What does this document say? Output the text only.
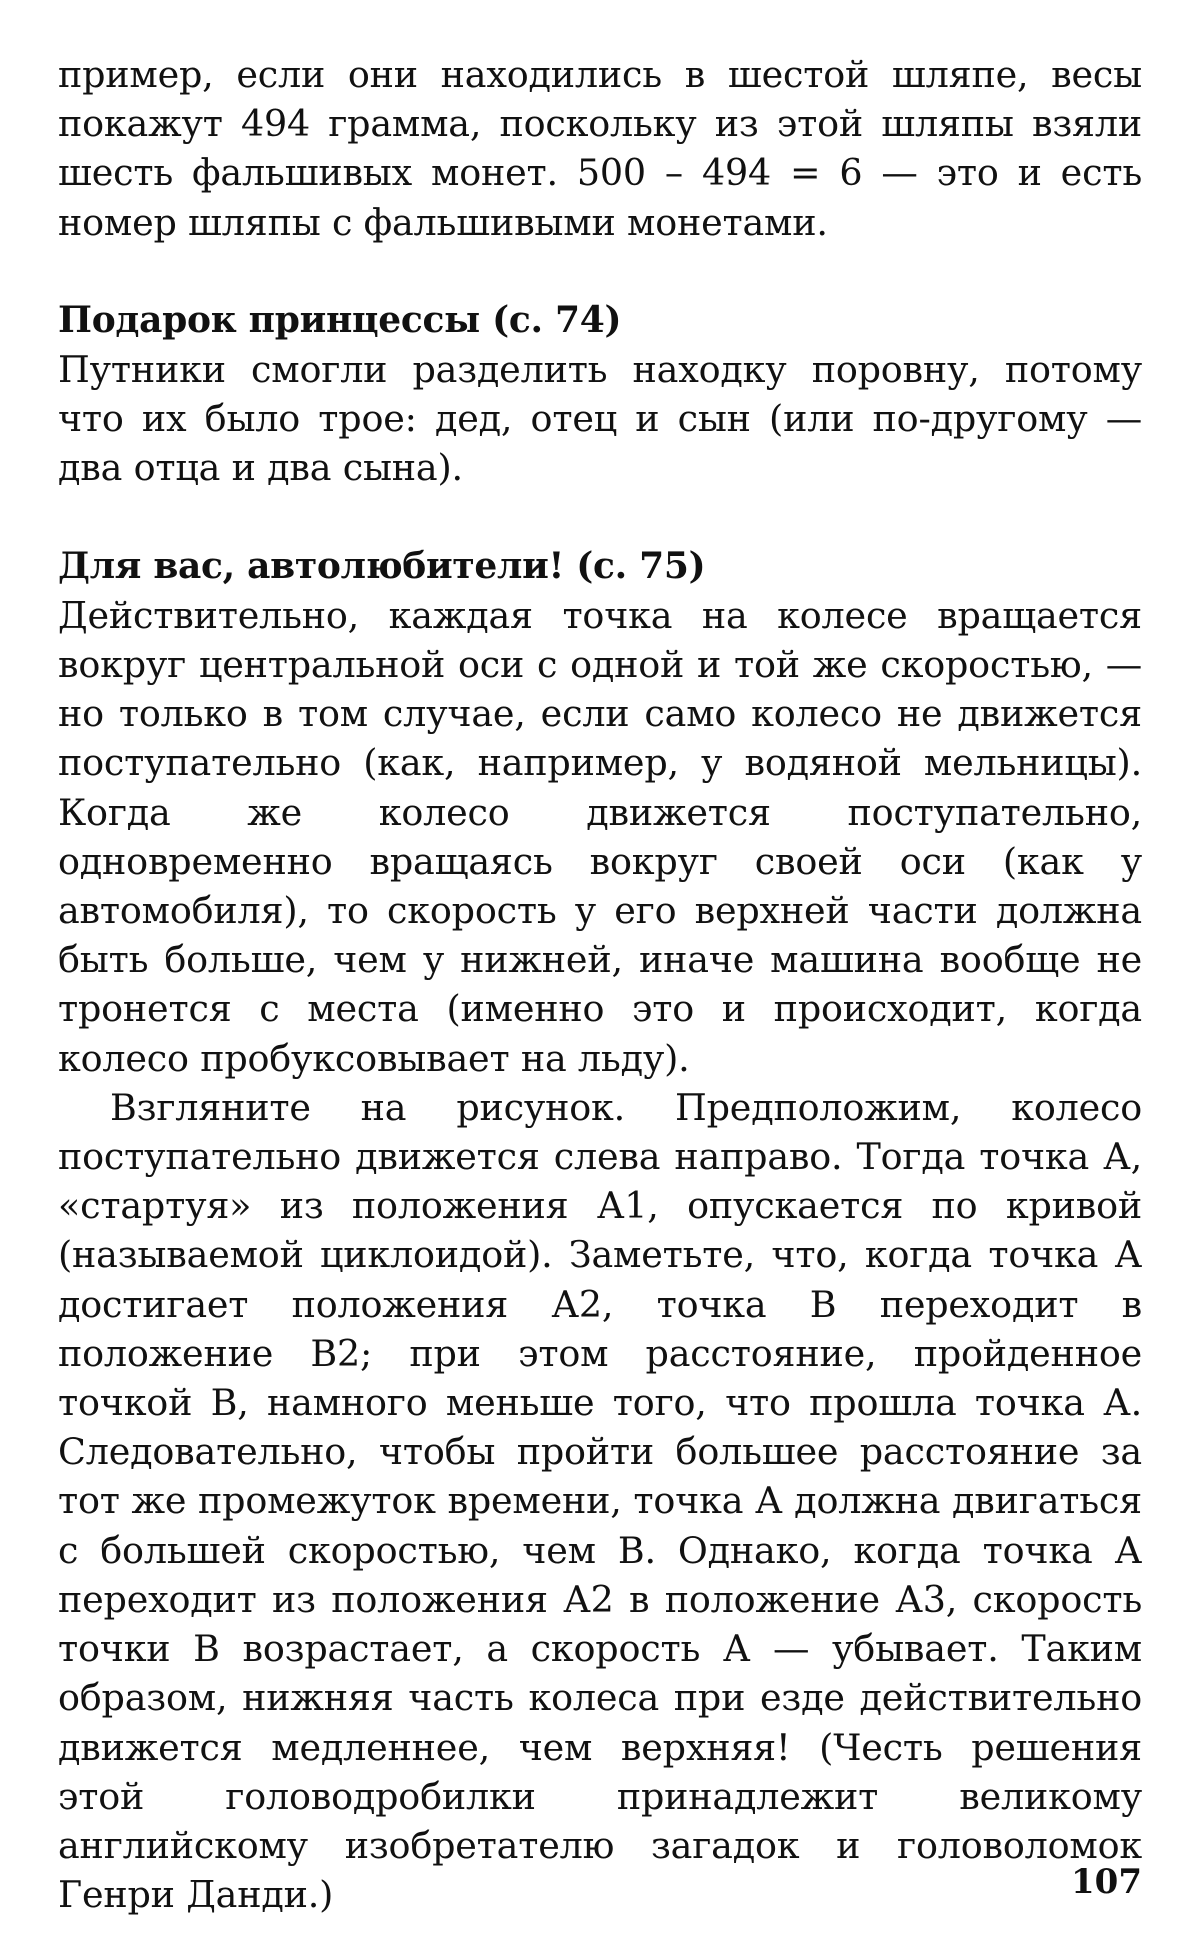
пример, если они находились в шестой шляпе, весы покажут 494 грамма, поскольку из этой шляпы взяли шесть фальшивых монет. 500 – 494 = 6 — это и есть номер шляпы с фальшивыми монетами.

Подарок принцессы (с. 74)

Путники смогли разделить находку поровну, потому что их было трое: дед, отец и сын (или по-другому — два отца и два сына).

Для вас, автолюбители! (с. 75)

Действительно, каждая точка на колесе вращается вокруг центральной оси с одной и той же скоростью, — но только в том случае, если само колесо не движется поступательно (как, например, у водяной мельницы). Когда же колесо движется поступательно, одновременно вращаясь вокруг своей оси (как у автомобиля), то скорость у его верхней части должна быть больше, чем у нижней, иначе машина вообще не тронется с места (именно это и происходит, когда колесо пробуксовывает на льду).

Взгляните на рисунок. Предположим, колесо поступательно движется слева направо. Тогда точка А, «стартуя» из положения А1, опускается по кривой (называемой циклоидой). Заметьте, что, когда точка А достигает положения А2, точка В переходит в положение В2; при этом расстояние, пройденное точкой В, намного меньше того, что прошла точка А. Следовательно, чтобы пройти большее расстояние за тот же промежуток времени, точка А должна двигаться с большей скоростью, чем В. Однако, когда точка А переходит из положения А2 в положение А3, скорость точки В возрастает, а скорость А — убывает. Таким образом, нижняя часть колеса при езде действительно движется медленнее, чем верхняя! (Честь решения этой головодробилки принадлежит великому английскому изобретателю загадок и головоломок Генри Данди.)	107
